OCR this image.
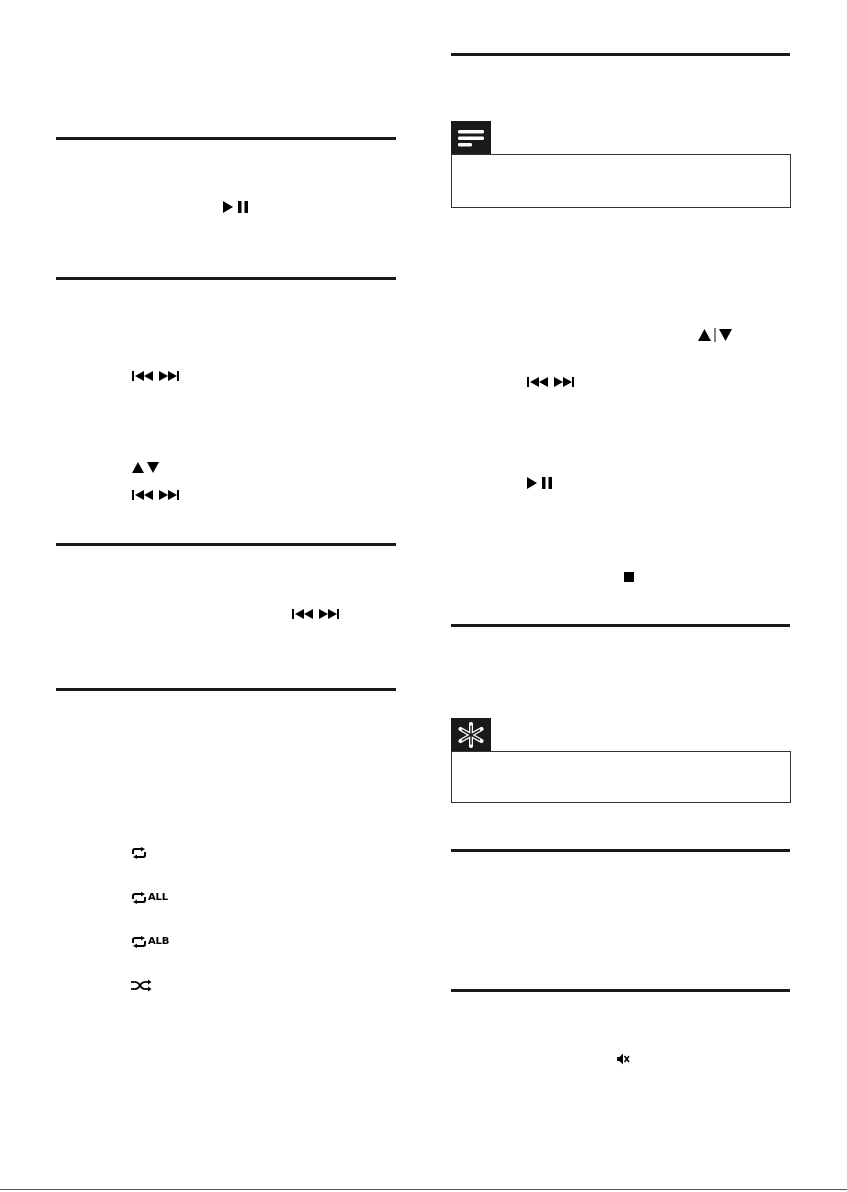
ALL
ALB
